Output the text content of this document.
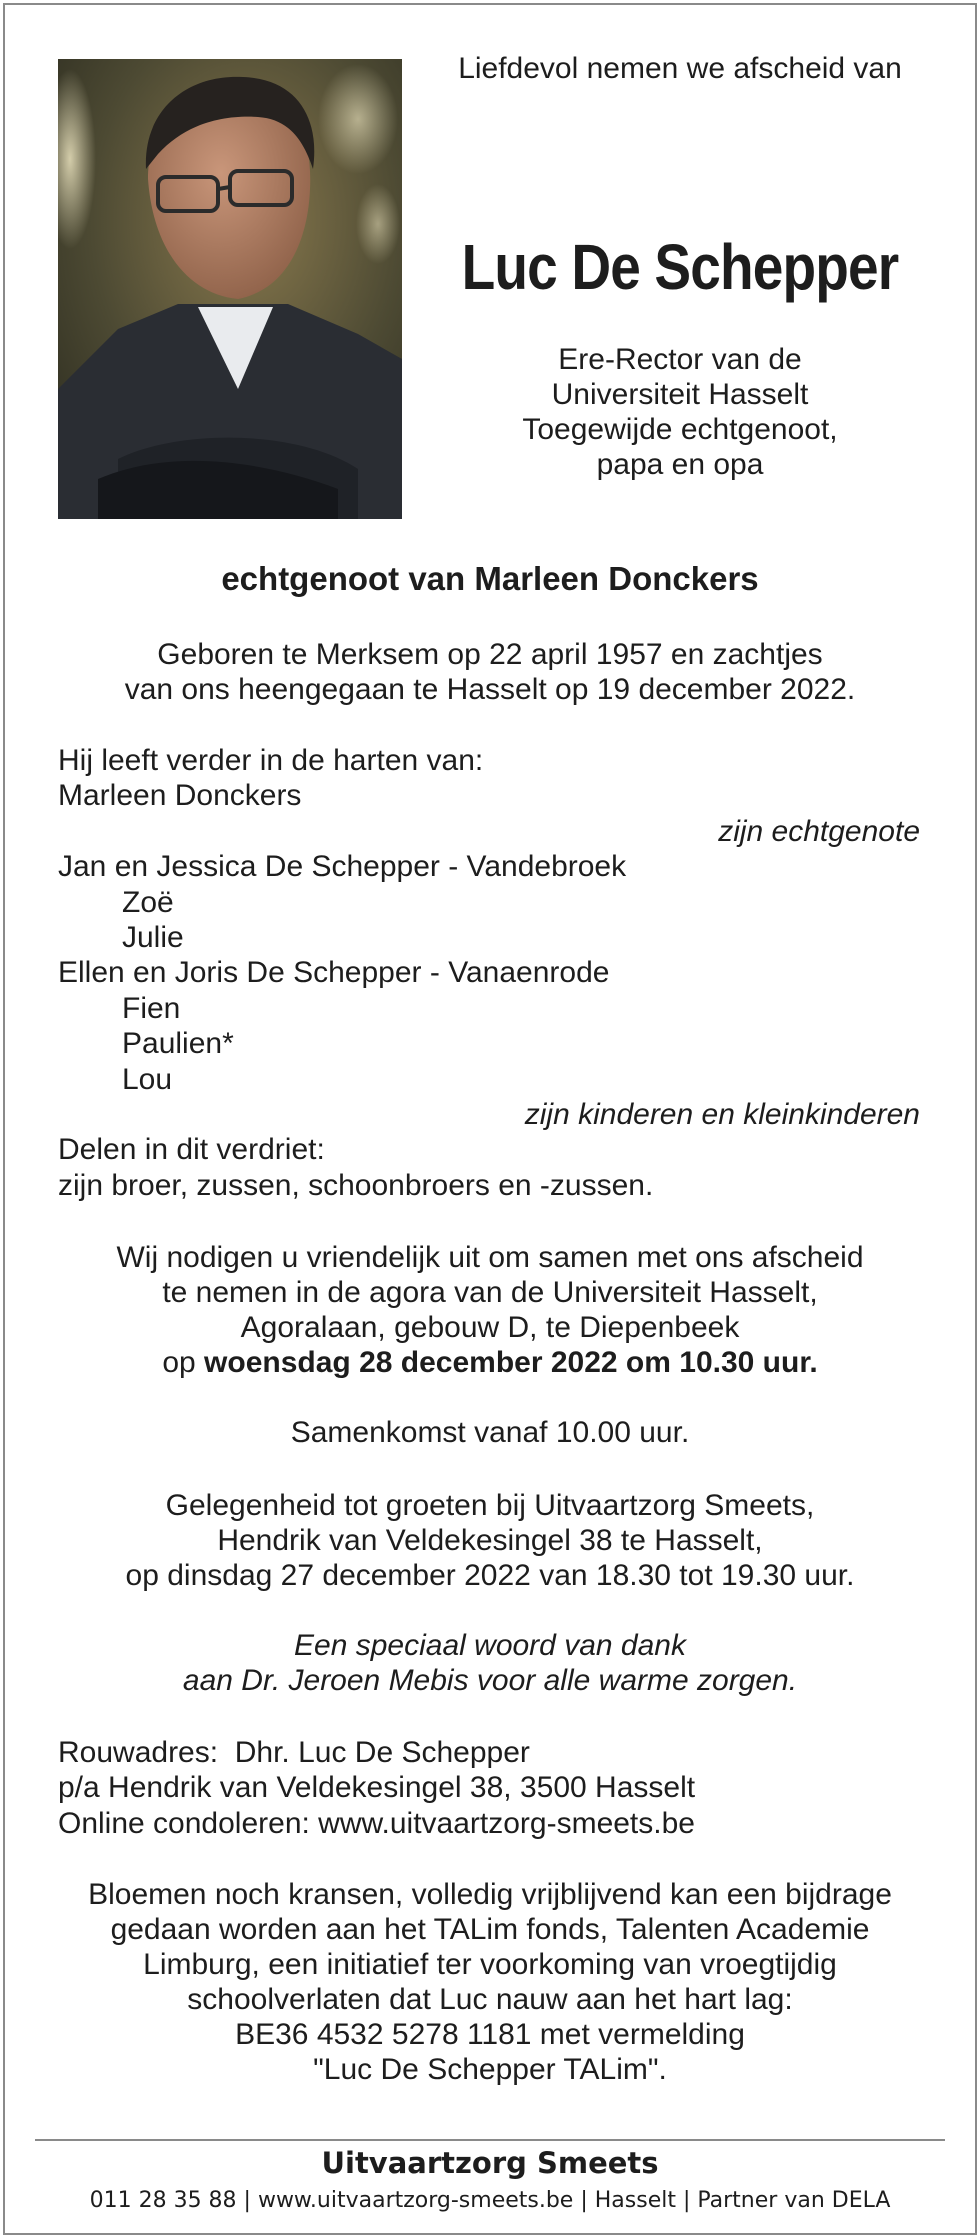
Liefdevol nemen we afscheid van
Luc De Schepper
Ere-Rector van de
Universiteit Hasselt
Toegewijde echtgenoot,
papa en opa
echtgenoot van Marleen Donckers
Geboren te Merksem op 22 april 1957 en zachtjes
van ons heengegaan te Hasselt op 19 december 2022.
Hij leeft verder in de harten van:
Marleen Donckers
zijn echtgenote
Jan en Jessica De Schepper - Vandebroek
Zoë
Julie
Ellen en Joris De Schepper - Vanaenrode
Fien
Paulien*
Lou
zijn kinderen en kleinkinderen
Delen in dit verdriet:
zijn broer, zussen, schoonbroers en -zussen.
Wij nodigen u vriendelijk uit om samen met ons afscheid
te nemen in de agora van de Universiteit Hasselt,
Agoralaan, gebouw D, te Diepenbeek
op woensdag 28 december 2022 om 10.30 uur.
Samenkomst vanaf 10.00 uur.
Gelegenheid tot groeten bij Uitvaartzorg Smeets,
Hendrik van Veldekesingel 38 te Hasselt,
op dinsdag 27 december 2022 van 18.30 tot 19.30 uur.
Een speciaal woord van dank
aan Dr. Jeroen Mebis voor alle warme zorgen.
Rouwadres:  Dhr. Luc De Schepper
p/a Hendrik van Veldekesingel 38, 3500 Hasselt
Online condoleren: www.uitvaartzorg-smeets.be
Bloemen noch kransen, volledig vrijblijvend kan een bijdrage
gedaan worden aan het TALim fonds, Talenten Academie
Limburg, een initiatief ter voorkoming van vroegtijdig
schoolverlaten dat Luc nauw aan het hart lag:
BE36 4532 5278 1181 met vermelding
"Luc De Schepper TALim".
Uitvaartzorg Smeets
011 28 35 88 | www.uitvaartzorg-smeets.be | Hasselt | Partner van DELA
